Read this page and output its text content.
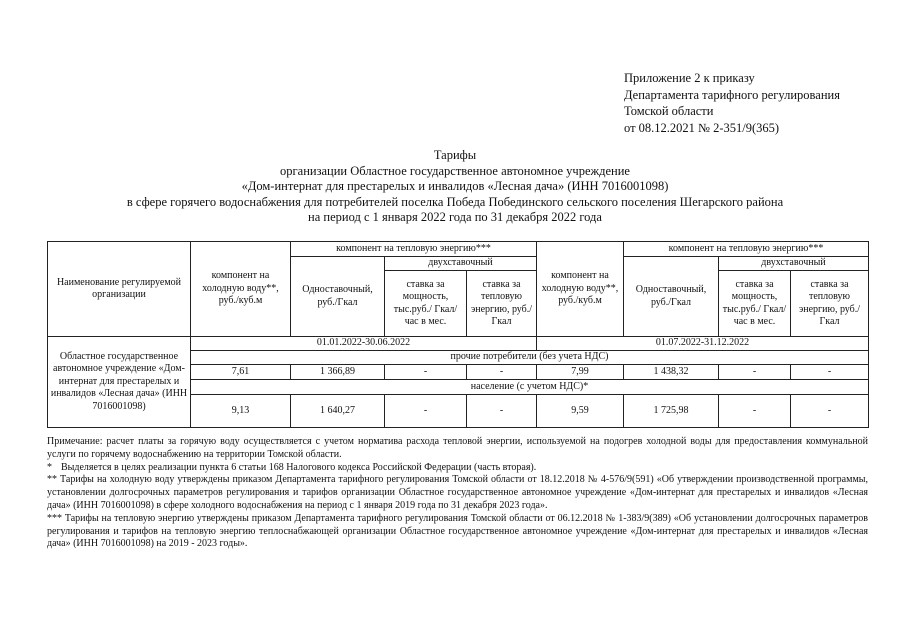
Приложение 2 к приказу
Департамента тарифного регулирования
Томской области
от 08.12.2021 № 2-351/9(365)
Тарифы
организации Областное государственное автономное учреждение
«Дом-интернат для престарелых и инвалидов «Лесная дача» (ИНН 7016001098)
в сфере горячего водоснабжения для потребителей поселка Победа Побединского сельского поселения Шегарского района
на период с 1 января 2022 года по 31 декабря 2022 года
Наименование регулируемой организации	компонент на холодную воду**, руб./куб.м	компонент на тепловую энергию***			компонент на холодную воду**, руб./куб.м	компонент на тепловую энергию***		
		Одноставочный, руб./Гкал	двухставочный			Одноставочный, руб./Гкал	двухставочный	
			ставка за мощность, тыс.руб./ Гкал/час в мес.	ставка за тепловую энергию, руб./Гкал			ставка за мощность, тыс.руб./ Гкал/час в мес.	ставка за тепловую энергию, руб./Гкал
Областное государственное автономное учреждение «Дом-интернат для престарелых и инвалидов «Лесная дача» (ИНН 7016001098)	01.01.2022-30.06.2022				01.07.2022-31.12.2022			
	прочие потребители (без учета НДС)							
	7,61	1 366,89	-	-	7,99	1 438,32	-	-
	население (с учетом НДС)*							
	9,13	1 640,27	-	-	9,59	1 725,98	-	-

Примечание: расчет платы за горячую воду осуществляется с учетом норматива расхода тепловой энергии, используемой на подогрев холодной воды для предоставления коммунальной услуги по горячему водоснабжению на территории Томской области.

* Выделяется в целях реализации пункта 6 статьи 168 Налогового кодекса Российской Федерации (часть вторая).

** Тарифы на холодную воду утверждены приказом Департамента тарифного регулирования Томской области от 18.12.2018 № 4-576/9(591) «Об утверждении производственной программы, установлении долгосрочных параметров регулирования и тарифов организации Областное государственное автономное учреждение «Дом-интернат для престарелых и инвалидов «Лесная дача» (ИНН 7016001098) в сфере холодного водоснабжения на период с 1 января 2019 года по 31 декабря 2023 года».

*** Тарифы на тепловую энергию утверждены приказом Департамента тарифного регулирования Томской области от 06.12.2018 № 1-383/9(389) «Об установлении долгосрочных параметров регулирования и тарифов на тепловую энергию теплоснабжающей организации Областное государственное автономное учреждение «Дом-интернат для престарелых и инвалидов «Лесная дача» (ИНН 7016001098) на 2019 - 2023 годы».
